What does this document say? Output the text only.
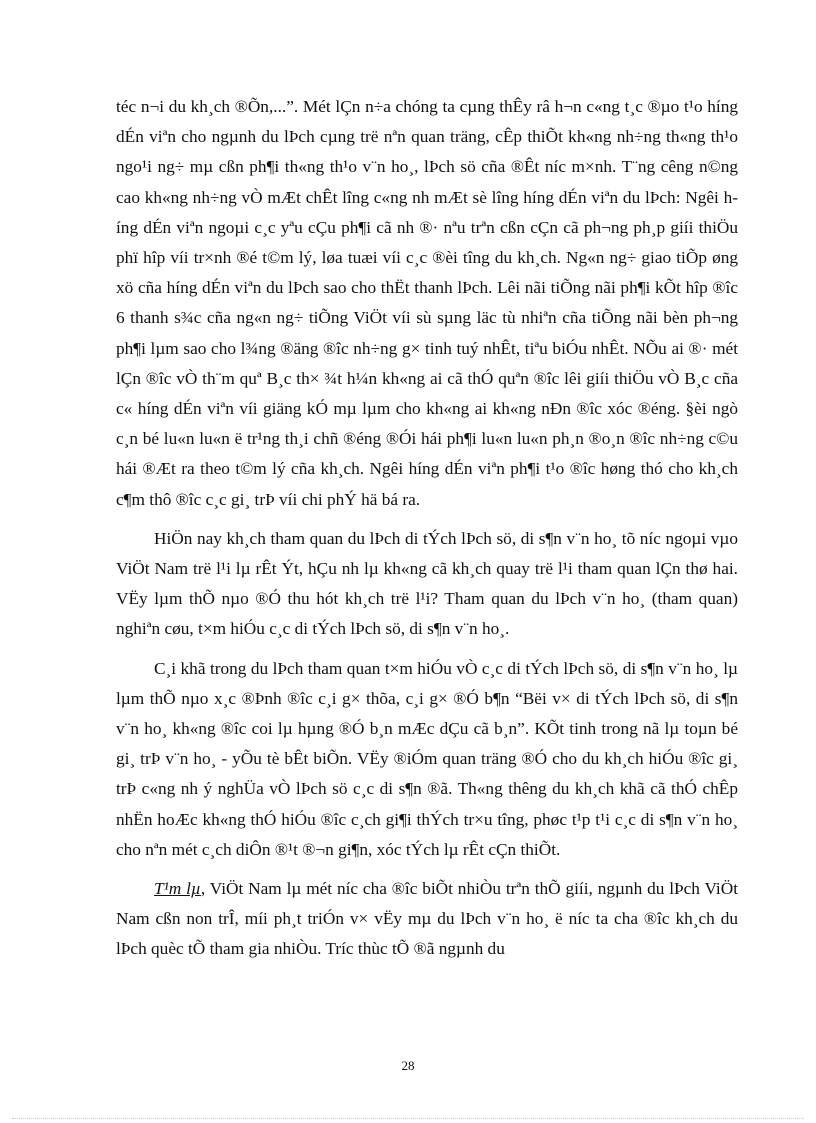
téc n¬i du kh¸ch ®Õn,...”. Mét lÇn n÷a chóng ta cµng thÊy râ h¬n c«ng t¸c ®µo t¹o híng dÉn viªn cho ngµnh du lÞch cµng trë nªn quan träng, cÊp thiÕt kh«ng nh÷ng th«ng th¹o ngo¹i ng÷ mµ cßn ph¶i th«ng th¹o v¨n ho¸, lÞch sö cña ®Êt níc m×nh. T¨ng cêng n©ng cao kh«ng nh÷ng vÒ mÆt chÊt lîng c«ng nh mÆt sè lîng híng dÉn viªn du lÞch: Ngêi híng dÉn viªn ngoµi c¸c yªu cÇu ph¶i cã nh ®· nªu trªn cßn cÇn cã ph¬ng ph¸p giíi thiÖu phï hîp víi tr×nh ®é t©m lý, løa tuæi víi c¸c ®èi tîng du kh¸ch. Ng«n ng÷ giao tiÕp øng xö cña híng dÉn viªn du lÞch sao cho thËt thanh lÞch. Lêi nãi tiÕng nãi ph¶i kÕt hîp ®îc 6 thanh s¾c cña ng«n ng÷ tiÕng ViÖt víi sù sµng läc tù nhiªn cña tiÕng nãi bèn ph¬ng ph¶i lµm sao cho l¾ng ®äng ®îc nh÷ng g× tinh tuý nhÊt, tiªu biÓu nhÊt. NÕu ai ®· mét lÇn ®îc vÒ th¨m quª B¸c th× ¾t h¼n kh«ng ai cã thÓ quªn ®îc lêi giíi thiÖu vÒ B¸c cña c« híng dÉn viªn víi giäng kÓ mµ lµm cho kh«ng ai kh«ng nÐn ®îc xóc ®éng. §èi ngò c¸n bé lu«n lu«n ë tr¹ng th¸i chñ ®éng ®Ói hái ph¶i lu«n lu«n ph¸n ®o¸n ®îc nh÷ng c©u hái ®Æt ra theo t©m lý cña kh¸ch. Ngêi híng dÉn viªn ph¶i t¹o ®îc høng thó cho kh¸ch c¶m thô ®îc c¸c gi¸ trÞ víi chi phÝ hä bá ra.

HiÖn nay kh¸ch tham quan du lÞch di tÝch lÞch sö, di s¶n v¨n ho¸ tõ níc ngoµi vµo ViÖt Nam trë l¹i lµ rÊt Ýt, hÇu nh lµ kh«ng cã kh¸ch quay trë l¹i tham quan lÇn thø hai. VËy lµm thÕ nµo ®Ó thu hót kh¸ch trë l¹i? Tham quan du lÞch v¨n ho¸ (tham quan) nghiªn cøu, t×m hiÓu c¸c di tÝch lÞch sö, di s¶n v¨n ho¸.

C¸i khã trong du lÞch tham quan t×m hiÓu vÒ c¸c di tÝch lÞch sö, di s¶n v¨n ho¸ lµ lµm thÕ nµo x¸c ®Þnh ®îc c¸i g× thõa, c¸i g× ®Ó b¶n “Bëi v× di tÝch lÞch sö, di s¶n v¨n ho¸ kh«ng ®îc coi lµ hµng ®Ó b¸n mÆc dÇu cã b¸n”. KÕt tinh trong nã lµ toµn bé gi¸ trÞ v¨n ho¸ - yÕu tè bÊt biÕn. VËy ®iÓm quan träng ®Ó cho du kh¸ch hiÓu ®îc gi¸ trÞ c«ng nh ý nghÜa vÒ lÞch sö c¸c di s¶n ®ã. Th«ng thêng du kh¸ch khã cã thÓ chÊp nhËn hoÆc kh«ng thÓ hiÓu ®îc c¸ch gi¶i thÝch tr×u tîng, phøc t¹p t¹i c¸c di s¶n v¨n ho¸ cho nªn mét c¸ch diÔn ®¹t ®¬n gi¶n, xóc tÝch lµ rÊt cÇn thiÕt.

T¹m lµ, ViÖt Nam lµ mét níc cha ®îc biÕt nhiÒu trªn thÕ giíi, ngµnh du lÞch ViÖt Nam cßn non trÎ, míi ph¸t triÓn v× vËy mµ du lÞch v¨n ho¸ ë níc ta cha ®îc kh¸ch du lÞch quèc tÕ tham gia nhiÒu. Tríc thùc tÕ ®ã ngµnh du

28
